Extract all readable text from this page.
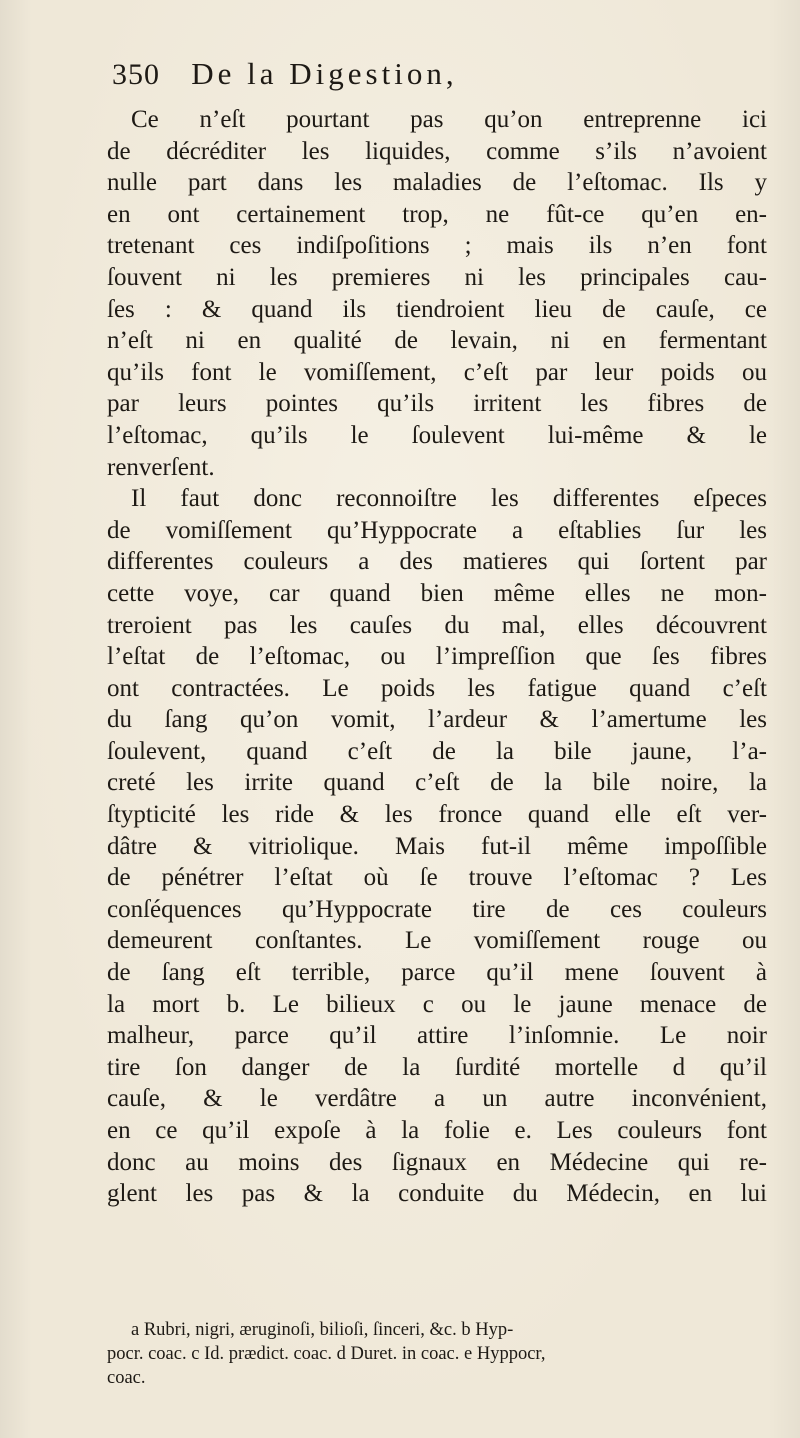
350 De la Digestion,
Ce n’eſt pourtant pas qu’on entreprenne ici
de décréditer les liquides, comme s’ils n’avoient
nulle part dans les maladies de l’eſtomac. Ils y
en ont certainement trop, ne fût-ce qu’en en-
tretenant ces indiſpoſitions ; mais ils n’en font
ſouvent ni les premieres ni les principales cau-
ſes : & quand ils tiendroient lieu de cauſe, ce
n’eſt ni en qualité de levain, ni en fermentant
qu’ils font le vomiſſement, c’eſt par leur poids ou
par leurs pointes qu’ils irritent les fibres de
l’eſtomac, qu’ils le ſoulevent lui-même & le
renverſent.
Il faut donc reconnoiſtre les differentes eſpeces
de vomiſſement qu’Hyppocrate a eſtablies ſur les
differentes couleurs a des matieres qui ſortent par
cette voye, car quand bien même elles ne mon-
treroient pas les cauſes du mal, elles découvrent
l’eſtat de l’eſtomac, ou l’impreſſion que ſes fibres
ont contractées. Le poids les fatigue quand c’eſt
du ſang qu’on vomit, l’ardeur & l’amertume les
ſoulevent, quand c’eſt de la bile jaune, l’a-
creté les irrite quand c’eſt de la bile noire, la
ſtypticité les ride & les fronce quand elle eſt ver-
dâtre & vitriolique. Mais fut-il même impoſſible
de pénétrer l’eſtat où ſe trouve l’eſtomac ? Les
conſéquences qu’Hyppocrate tire de ces couleurs
demeurent conſtantes. Le vomiſſement rouge ou
de ſang eſt terrible, parce qu’il mene ſouvent à
la mort b. Le bilieux c ou le jaune menace de
malheur, parce qu’il attire l’inſomnie. Le noir
tire ſon danger de la ſurdité mortelle d qu’il
cauſe, & le verdâtre a un autre inconvénient,
en ce qu’il expoſe à la folie e. Les couleurs font
donc au moins des ſignaux en Médecine qui re-
glent les pas & la conduite du Médecin, en lui
a Rubri, nigri, æruginoſi, bilioſi, ſinceri, &c. b Hyp-
pocr. coac. c Id. prædict. coac. d Duret. in coac. e Hyppocr,
coac.
